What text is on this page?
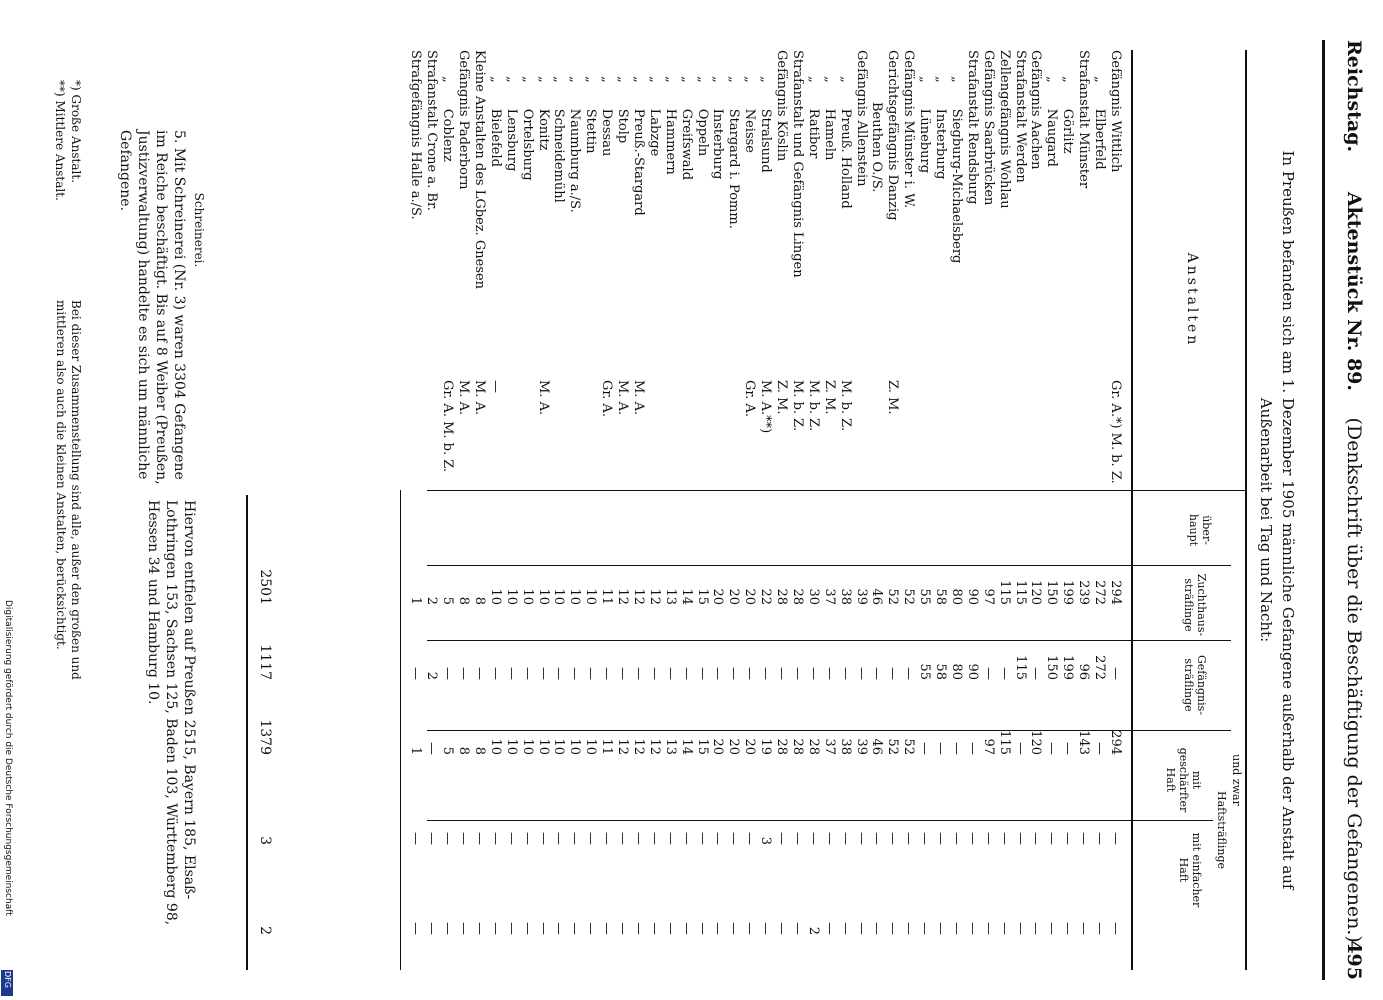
Reichstag.      Aktenstück Nr. 89.    (Denkschrift über die Beschäftigung der Gefangenen.)
495
In Preußen befanden sich am 1. Dezember 1905 männliche Gefangene außerhalb der Anstalt auf Außenarbeit bei Tag und Nacht:
Anstalten
über-haupt
und zwar
Zuchthaus-sträflinge
Gefängnis-sträflinge
Haftsträflinge
mit geschärfter Haft
mit einfacher Haft
Gefängnis Wittlich
Gr. A.*) M. b. Z.
294
—
294
—
—
  „  Elberfeld
272
272
—
—
—
Strafanstalt Münster
239
96
143
—
—
  „  Görlitz
199
199
—
—
—
  „  Naugard
150
150
—
—
—
Gefängnis Aachen
120
—
120
—
—
Strafanstalt Werden
115
115
—
—
—
Zellengefängnis Wohlau
115
—
115
—
—
Gefängnis Saarbrücken
97
—
97
—
—
Strafanstalt Rendsburg
90
90
—
—
—
  „  Siegburg-Michaelsberg
80
80
—
—
—
  „  Insterburg
58
58
—
—
—
  „  Lüneburg
55
55
—
—
—
Gefängnis Münster i. W.
52
—
52
—
—
Gerichtsgefängnis Danzig
Z. M.
52
—
52
—
—
    Beuthen O./S.
46
—
46
—
—
Gefängnis Allenstein
39
—
39
—
—
  „  Preuß. Holland
M. b. Z.
38
—
38
—
—
  „  Hameln
Z. M.
37
—
37
—
—
  „  Ratibor
M. b. Z.
30
—
28
—
2
Strafanstalt und Gefängnis Lingen
M. b. Z.
28
—
28
—
—
Gefängnis Köslin
Z. M.
28
—
28
—
—
  „  Stralsund
M. A.**)
22
—
19
3
—
  „  Neisse
Gr. A.
20
—
20
—
—
  „  Stargard i. Pomm.
20
—
20
—
—
  „  Insterburg
20
—
20
—
—
  „  Oppeln
15
—
15
—
—
  „  Greifswald
14
—
14
—
—
  „  Hammern
13
—
13
—
—
  „  Labzge
12
—
12
—
—
  „  Preuß.-Stargard
M. A.
12
—
12
—
—
  „  Stolp
M. A.
12
—
12
—
—
  „  Dessau
Gr. A.
11
—
11
—
—
  „  Stettin
10
—
10
—
—
  „  Naumburg a./S.
10
—
10
—
—
  „  Schneidemühl
10
—
10
—
—
  „  Konitz
M. A.
10
—
10
—
—
  „  Ortelsburg
10
—
10
—
—
  „  Lensburg
10
—
10
—
—
  „  Bielefeld
—
10
—
10
—
—
Kleine Anstalten des LGbez. Gnesen
M. A.
8
—
8
—
—
Gefängnis Paderborn
M. A.
8
—
8
—
—
  „  Coblenz
Gr. A. M. b. Z.
5
—
5
—
—
Strafanstalt Crone a. Br.
2
2
—
—
—
Strafgefängnis Halle a./S.
1
—
1
—
—
2501
1117
1379
3
2
Hiervon entfielen auf Preußen 2515, Bayern 185, Elsaß-Lothringen 153, Sachsen 125, Baden 103, Württemberg 98, Hessen 34 und Hamburg 10.
Schreinerei.
5. Mit Schreinerei (Nr. 3) waren 3304 Gefangene im Reiche beschäftigt. Bis auf 8 Weiber (Preußen, Justizverwaltung) handelte es sich um männliche Gefangene.
*) Große Anstalt.
**) Mittlere Anstalt.
Bei dieser Zusammenstellung sind alle, außer den großen und mittleren also auch die kleinen Anstalten, berücksichtigt.
Digitalisierung gefördert durch die Deutsche Forschungsgemeinschaft
DFG
